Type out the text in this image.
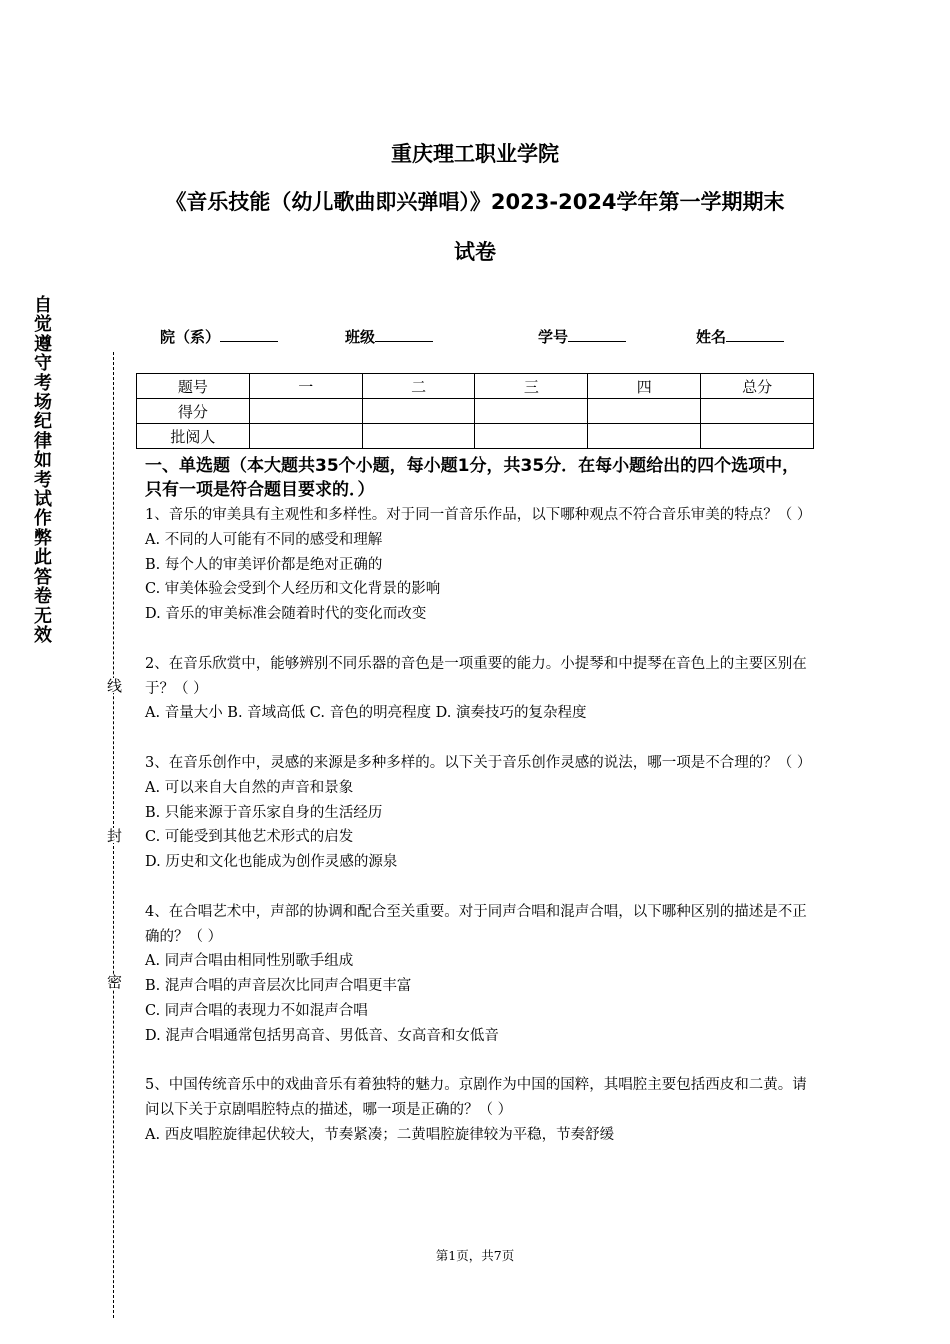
重庆理工职业学院
《音乐技能（幼儿歌曲即兴弹唱）》2023-2024学年第一学期期末
试卷
自觉遵守考场纪律如考试作弊此答卷无效
线
封
密
院（系）	班级	学号	姓名
题号	一	二	三	四	总分
得分					
批阅人					
一、单选题（本大题共35个小题，每小题1分，共35分．在每小题给出的四个选项中，只有一项是符合题目要求的．）

1、音乐的审美具有主观性和多样性。对于同一首音乐作品，以下哪种观点不符合音乐审美的特点？（ ）

A. 不同的人可能有不同的感受和理解

B. 每个人的审美评价都是绝对正确的

C. 审美体验会受到个人经历和文化背景的影响

D. 音乐的审美标准会随着时代的变化而改变

2、在音乐欣赏中，能够辨别不同乐器的音色是一项重要的能力。小提琴和中提琴在音色上的主要区别在于？（ ）

A. 音量大小 B. 音域高低 C. 音色的明亮程度 D. 演奏技巧的复杂程度

3、在音乐创作中，灵感的来源是多种多样的。以下关于音乐创作灵感的说法，哪一项是不合理的？（ ）

A. 可以来自大自然的声音和景象

B. 只能来源于音乐家自身的生活经历

C. 可能受到其他艺术形式的启发

D. 历史和文化也能成为创作灵感的源泉

4、在合唱艺术中，声部的协调和配合至关重要。对于同声合唱和混声合唱，以下哪种区别的描述是不正确的？（ ）

A. 同声合唱由相同性别歌手组成

B. 混声合唱的声音层次比同声合唱更丰富

C. 同声合唱的表现力不如混声合唱

D. 混声合唱通常包括男高音、男低音、女高音和女低音

5、中国传统音乐中的戏曲音乐有着独特的魅力。京剧作为中国的国粹，其唱腔主要包括西皮和二黄。请问以下关于京剧唱腔特点的描述，哪一项是正确的？（ ）

A. 西皮唱腔旋律起伏较大，节奏紧凑；二黄唱腔旋律较为平稳，节奏舒缓

第1页，共7页
